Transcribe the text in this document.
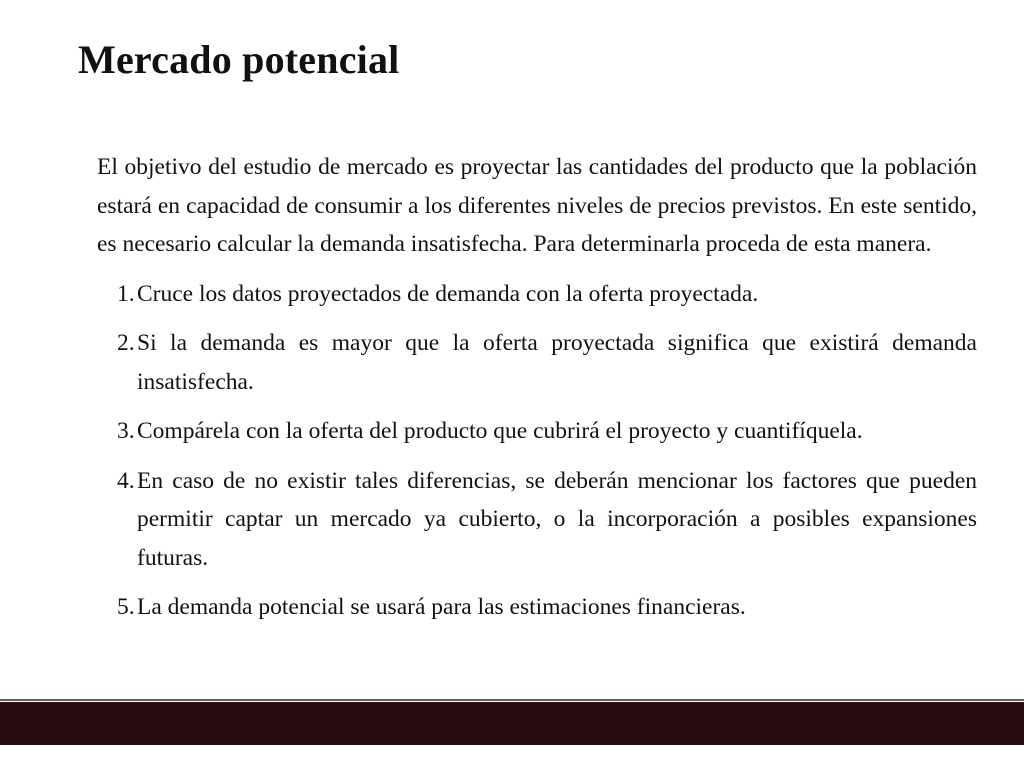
Mercado potencial

El objetivo del estudio de mercado es proyectar las cantidades del producto que la población estará en capacidad de consumir a los diferentes niveles de precios previstos. En este sentido, es necesario calcular la demanda insatisfecha. Para determinarla proceda de esta manera.

1. Cruce los datos proyectados de demanda con la oferta proyectada.
2. Si la demanda es mayor que la oferta proyectada significa que existirá demanda insatisfecha.
3. Compárela con la oferta del producto que cubrirá el proyecto y cuantifíquela.
4. En caso de no existir tales diferencias, se deberán mencionar los factores que pueden permitir captar un mercado ya cubierto, o la incorporación a posibles expansiones futuras.
5. La demanda potencial se usará para las estimaciones financieras.
